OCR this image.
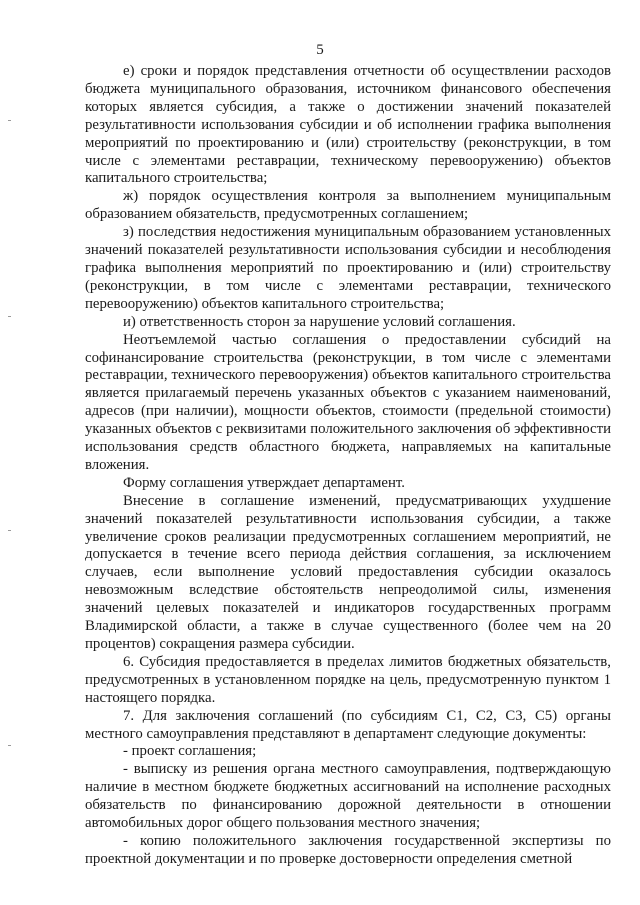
5

е) сроки и порядок представления отчетности об осуществлении расходов бюджета муниципального образования, источником финансового обеспечения которых является субсидия, а также о достижении значений показателей результативности использования субсидии и об исполнении графика выполнения мероприятий по проектированию и (или) строительству (реконструкции, в том числе с элементами реставрации, техническому перевооружению) объектов капитального строительства;

ж) порядок осуществления контроля за выполнением муниципальным образованием обязательств, предусмотренных соглашением;

з) последствия недостижения муниципальным образованием установленных значений показателей результативности использования субсидии и несоблюдения графика выполнения мероприятий по проектированию и (или) строительству (реконструкции, в том числе с элементами реставрации, технического перевооружению) объектов капитального строительства;

и) ответственность сторон за нарушение условий соглашения.

Неотъемлемой частью соглашения о предоставлении субсидий на софинансирование строительства (реконструкции, в том числе с элементами реставрации, технического перевооружения) объектов капитального строительства является прилагаемый перечень указанных объектов с указанием наименований, адресов (при наличии), мощности объектов, стоимости (предельной стоимости) указанных объектов с реквизитами положительного заключения об эффективности использования средств областного бюджета, направляемых на капитальные вложения.

Форму соглашения утверждает департамент.

Внесение в соглашение изменений, предусматривающих ухудшение значений показателей результативности использования субсидии, а также увеличение сроков реализации предусмотренных соглашением мероприятий, не допускается в течение всего периода действия соглашения, за исключением случаев, если выполнение условий предоставления субсидии оказалось невозможным вследствие обстоятельств непреодолимой силы, изменения значений целевых показателей и индикаторов государственных программ Владимирской области, а также в случае существенного (более чем на 20 процентов) сокращения размера субсидии.

6. Субсидия предоставляется в пределах лимитов бюджетных обязательств, предусмотренных в установленном порядке на цель, предусмотренную пунктом 1 настоящего порядка.

7. Для заключения соглашений (по субсидиям С1, С2, С3, С5) органы местного самоуправления представляют в департамент следующие документы:

- проект соглашения;

- выписку из решения органа местного самоуправления, подтверждающую наличие в местном бюджете бюджетных ассигнований на исполнение расходных обязательств по финансированию дорожной деятельности в отношении автомобильных дорог общего пользования местного значения;

- копию положительного заключения государственной экспертизы по проектной документации и по проверке достоверности определения сметной
